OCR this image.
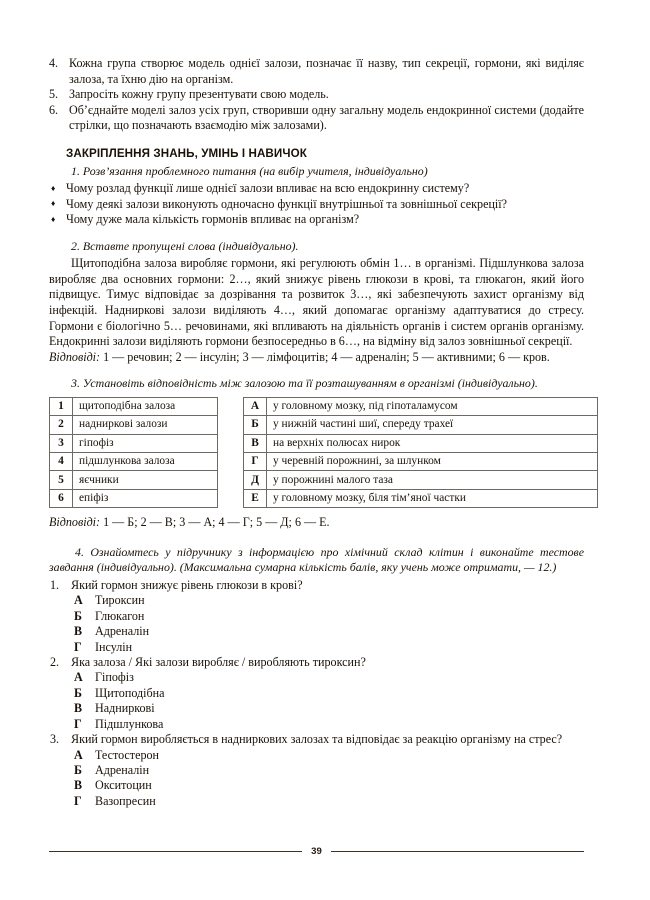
4. Кожна група створює модель однієї залози, позначає її назву, тип секреції, гормони, які виділяє залоза, та їхню дію на організм.
5. Запросіть кожну групу презентувати свою модель.
6. Об’єднайте моделі залоз усіх груп, створивши одну загальну модель ендокринної системи (додайте стрілки, що позначають взаємодію між залозами).
ЗАКРІПЛЕННЯ ЗНАНЬ, УМІНЬ І НАВИЧОК
1. Розв’язання проблемного питання (на вибір учителя, індивідуально)
♦ Чому розлад функції лише однієї залози впливає на всю ендокринну систему?
♦ Чому деякі залози виконують одночасно функції внутрішньої та зовнішньої секреції?
♦ Чому дуже мала кількість гормонів впливає на організм?
2. Вставте пропущені слова (індивідуально).

Щитоподібна залоза виробляє гормони, які регулюють обмін 1… в організмі. Підшлункова залоза виробляє два основних гормони: 2…, який знижує рівень глюкози в крові, та глюкагон, який його підвищує. Тимус відповідає за дозрівання та розвиток 3…, які забезпечують захист організму від інфекцій. Надниркові залози виділяють 4…, який допомагає організму адаптуватися до стресу. Гормони є біологічно 5… речовинами, які впливають на діяльність органів і систем органів організму. Ендокринні залози виділяють гормони безпосередньо в 6…, на відміну від залоз зовнішньої секреції.

Відповіді: 1 — речовин; 2 — інсулін; 3 — лімфоцитів; 4 — адреналін; 5 — активними; 6 — кров.

3. Установіть відповідність між залозою та її розташуванням в організмі (індивідуально).
1	щитоподібна залоза
2	надниркові залози
3	гіпофіз
4	підшлункова залоза
5	яєчники
6	епіфіз
А	у головному мозку, під гіпоталамусом
Б	у нижній частині шиї, спереду трахеї
В	на верхніх полюсах нирок
Г	у черевній порожнині, за шлунком
Д	у порожнині малого таза
Е	у головному мозку, біля тім’яної частки

Відповіді: 1 — Б; 2 — В; 3 — А; 4 — Г; 5 — Д; 6 — Е.

4. Ознайомтесь у підручнику з інформацією про хімічний склад клітин і виконайте тестове завдання (індивідуально). (Максимальна сумарна кількість балів, яку учень може отримати, — 12.)
1. Який гормон знижує рівень глюкози в крові?
А Тироксин
Б Глюкагон
В Адреналін
Г Інсулін
2. Яка залоза / Які залози виробляє / виробляють тироксин?
А Гіпофіз
Б Щитоподібна
В Надниркові
Г Підшлункова
3. Який гормон виробляється в надниркових залозах та відповідає за реакцію організму на стрес?
А Тестостерон
Б Адреналін
В Окситоцин
Г Вазопресин
39
